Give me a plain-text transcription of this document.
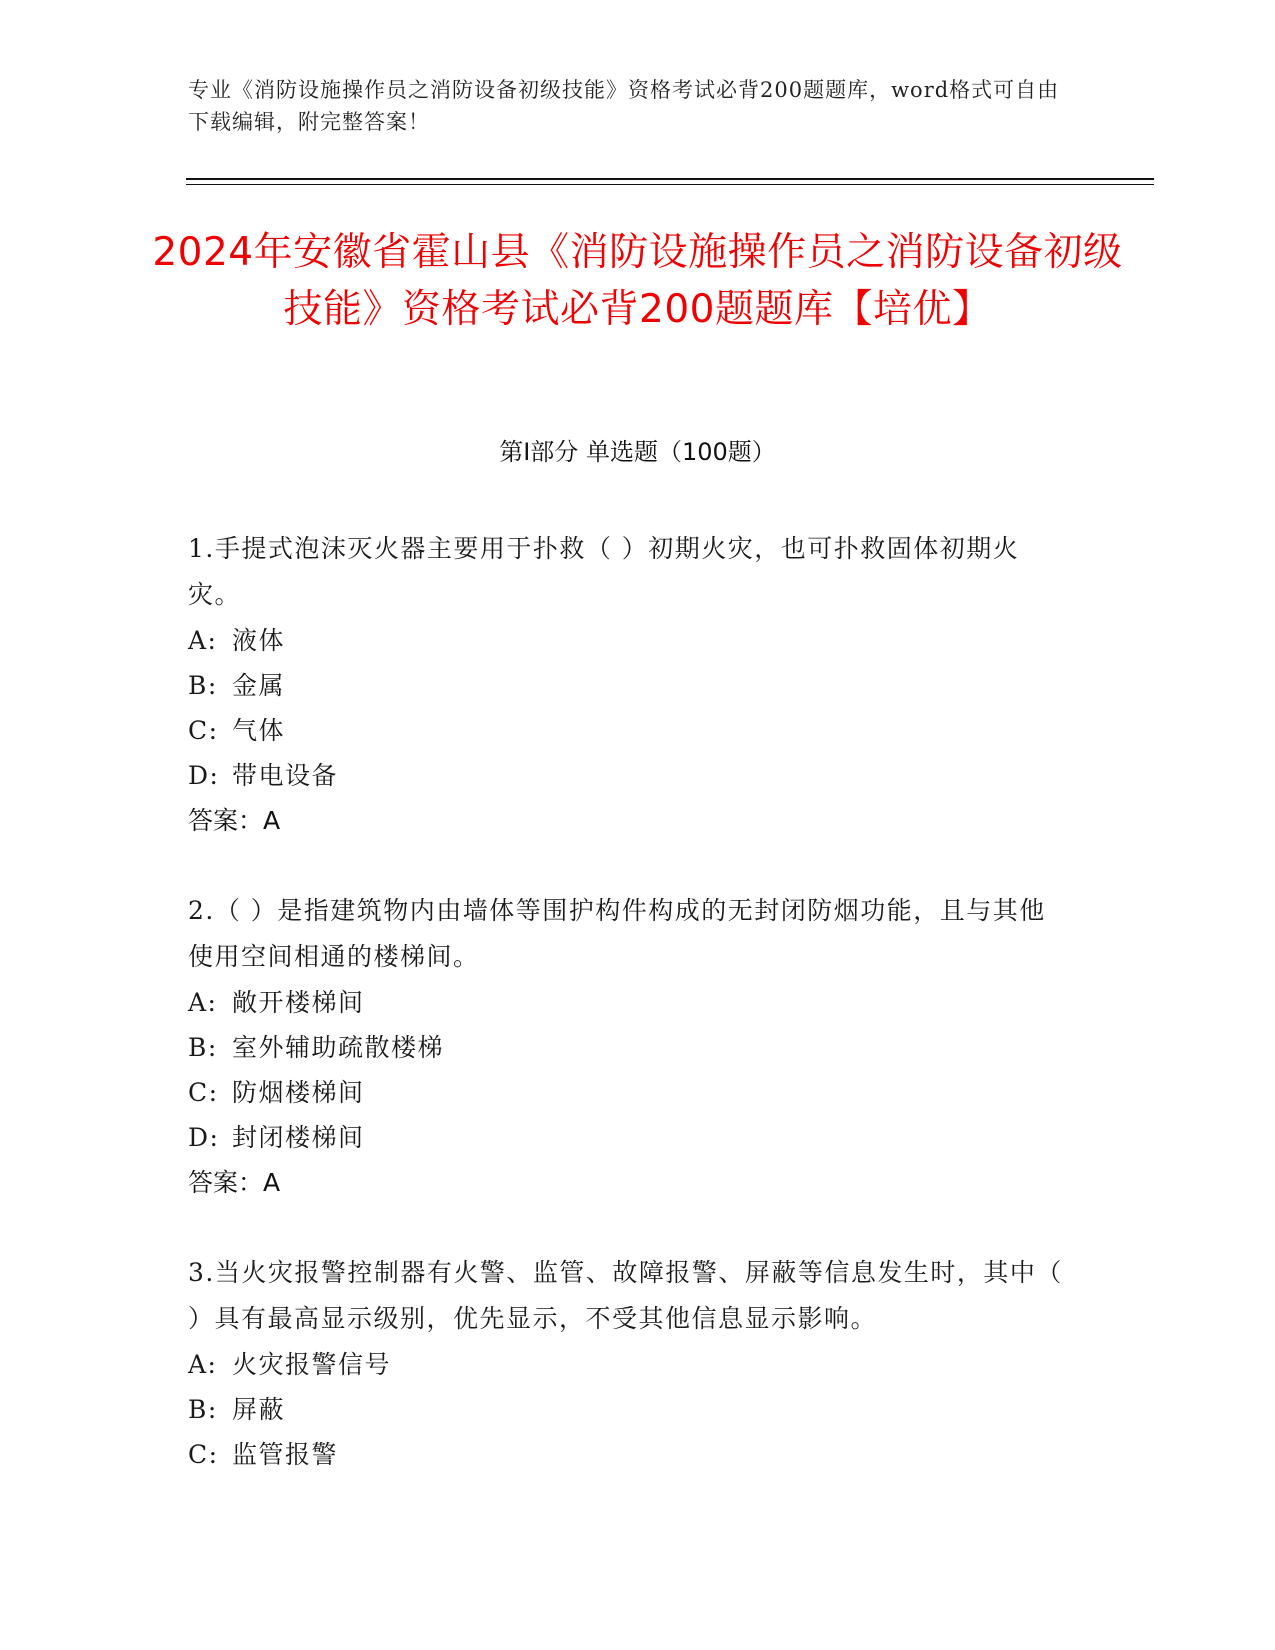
专业《消防设施操作员之消防设备初级技能》资格考试必背200题题库，word格式可自由下载编辑，附完整答案！
2024年安徽省霍山县《消防设施操作员之消防设备初级技能》资格考试必背200题题库【培优】
第Ⅰ部分 单选题（100题）
1.手提式泡沫灭火器主要用于扑救（ ）初期火灾，也可扑救固体初期火灾。
A: 液体
B: 金属
C: 气体
D: 带电设备
答案：A
2.（ ）是指建筑物内由墙体等围护构件构成的无封闭防烟功能，且与其他使用空间相通的楼梯间。
A: 敞开楼梯间
B: 室外辅助疏散楼梯
C: 防烟楼梯间
D: 封闭楼梯间
答案：A
3.当火灾报警控制器有火警、监管、故障报警、屏蔽等信息发生时，其中（ ）具有最高显示级别，优先显示，不受其他信息显示影响。
A: 火灾报警信号
B: 屏蔽
C: 监管报警
